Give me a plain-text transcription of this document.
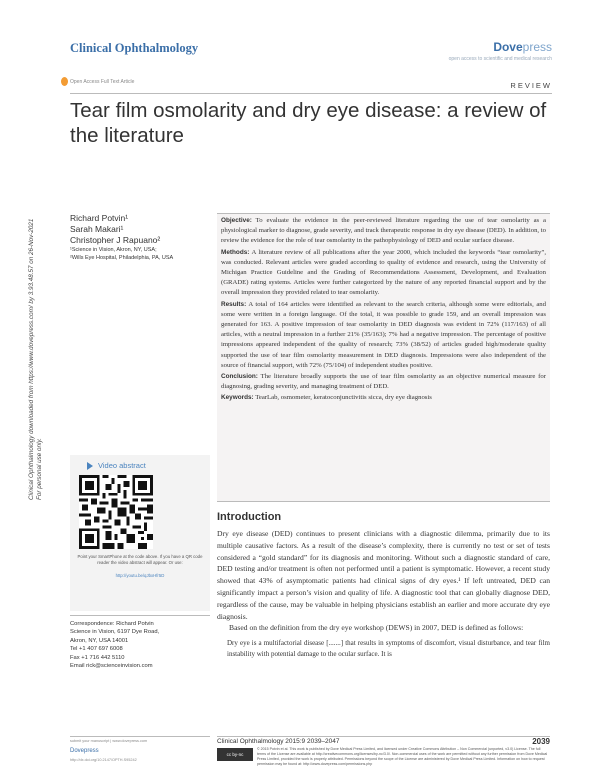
Clinical Ophthalmology	Dovepress
open access to scientific and medical research
Open Access Full Text Article	REVIEW
Tear film osmolarity and dry eye disease: a review of the literature
Clinical Ophthalmology downloaded from https://www.dovepress.com/ by 3.93.48.57 on 26-Nov-2021 For personal use only.
Richard Potvin¹
Sarah Makari¹
Christopher J Rapuano²
¹Science in Vision, Akron, NY, USA;
²Wills Eye Hospital, Philadelphia, PA, USA

Objective: To evaluate the evidence in the peer-reviewed literature regarding the use of tear osmolarity as a physiological marker to diagnose, grade severity, and track therapeutic response in dry eye disease (DED). In addition, to review the evidence for the role of tear osmolarity in the pathophysiology of DED and ocular surface disease.

Methods: A literature review of all publications after the year 2000, which included the keywords “tear osmolarity”, was conducted. Relevant articles were graded according to quality of evidence and research, using the University of Michigan Practice Guideline and the Grading of Recommendations Assessment, Development, and Evaluation (GRADE) rating systems. Articles were further categorized by the nature of any reported financial support and by the overall impression they provided related to tear osmolarity.

Results: A total of 164 articles were identified as relevant to the search criteria, although some were editorials, and some were written in a foreign language. Of the total, it was possible to grade 159, and an overall impression was generated for 163. A positive impression of tear osmolarity in DED diagnosis was evident in 72% (117/163) of all articles, with a neutral impression in a further 21% (35/163); 7% had a negative impression. The percentage of positive impressions appeared independent of the quality of research; 73% (38/52) of articles graded high/moderate quality supported the use of tear film osmolarity measurement in DED diagnosis. Impressions were also independent of the source of financial support, with 72% (75/104) of independent studies positive.

Conclusion: The literature broadly supports the use of tear film osmolarity as an objective numerical measure for diagnosing, grading severity, and managing treatment of DED.

Keywords: TearLab, osmometer, keratoconjunctivitis sicca, dry eye diagnosis

Video abstract
Point your SmartPhone at the code above. If you have a QR code reader the video abstract will appear. Or use:
http://youtu.be/qJbxHfr5D
Correspondence: Richard Potvin
Science in Vision, 6197 Dye Road,
Akron, NY, USA 14001
Tel +1 407 697 6008
Fax +1 716 442 5110
Email rick@scienceinvision.com
Introduction

Dry eye disease (DED) continues to present clinicians with a diagnostic dilemma, primarily due to its multiple causative factors. As a result of the disease’s complexity, there is currently no test or set of tests considered a “gold standard” for its diagnosis and monitoring. Without such a diagnostic standard of care, DED testing and/or treatment is often not performed until a patient is symptomatic. However, a recent study showed that 43% of asymptomatic patients had clinical signs of dry eyes.¹ If left untreated, DED can significantly impact a person’s vision and quality of life. A diagnostic tool that can globally diagnose DED, regardless of the cause, may be valuable in helping physicians establish an earlier and more accurate dry eye diagnosis.

Based on the definition from the dry eye workshop (DEWS) in 2007, DED is defined as follows:

Dry eye is a multifactorial disease [.......] that results in symptoms of discomfort, visual disturbance, and tear film instability with potential damage to the ocular surface. It is

Clinical Ophthalmology 2015:9 2039–2047	2039
submit your manuscript | www.dovepress.com
Dovepress
http://dx.doi.org/10.2147/OPTH.S95242
cc by-nc
© 2015 Potvin et al. This work is published by Dove Medical Press Limited, and licensed under Creative Commons Attribution – Non Commercial (unported, v3.0) License. The full terms of the License are available at http://creativecommons.org/licenses/by-nc/3.0/. Non-commercial uses of the work are permitted without any further permission from Dove Medical Press Limited, provided the work is properly attributed. Permissions beyond the scope of the License are administered by Dove Medical Press Limited. Information on how to request permission may be found at: http://www.dovepress.com/permissions.php
